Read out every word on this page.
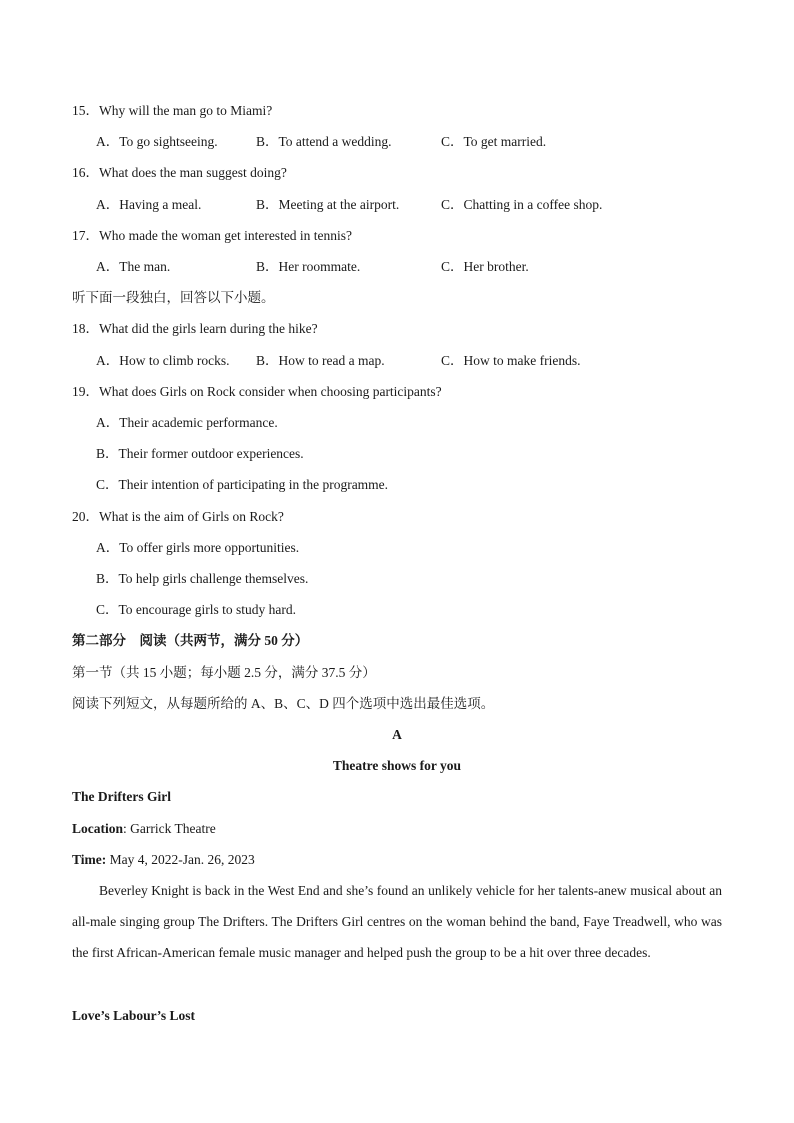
15．Why will the man go to Miami?
A．To go sightseeing.	B．To attend a wedding.	C．To get married.
16．What does the man suggest doing?
A．Having a meal.	B．Meeting at the airport.	C．Chatting in a coffee shop.
17．Who made the woman get interested in tennis?
A．The man.	B．Her roommate.	C．Her brother.
听下面一段独白，回答以下小题。
18．What did the girls learn during the hike?
A．How to climb rocks. B．How to read a map.	C．How to make friends.
19．What does Girls on Rock consider when choosing participants?
A．Their academic performance.
B．Their former outdoor experiences.
C．Their intention of participating in the programme.
20．What is the aim of Girls on Rock?
A．To offer girls more opportunities.
B．To help girls challenge themselves.
C．To encourage girls to study hard.
第二部分　阅读（共两节，满分 50 分）
第一节（共 15 小题；每小题 2.5 分，满分 37.5 分）
阅读下列短文，从每题所给的 A、B、C、D 四个选项中选出最佳选项。
A
Theatre shows for you
The Drifters Girl
Location: Garrick Theatre
Time: May 4, 2022-Jan. 26, 2023
Beverley Knight is back in the West End and she’s found an unlikely vehicle for her talents-anew musical about an all-male singing group The Drifters. The Drifters Girl centres on the woman behind the band, Faye Treadwell, who was the first African-American female music manager and helped push the group to be a hit over three decades.
Love’s Labour’s Lost
